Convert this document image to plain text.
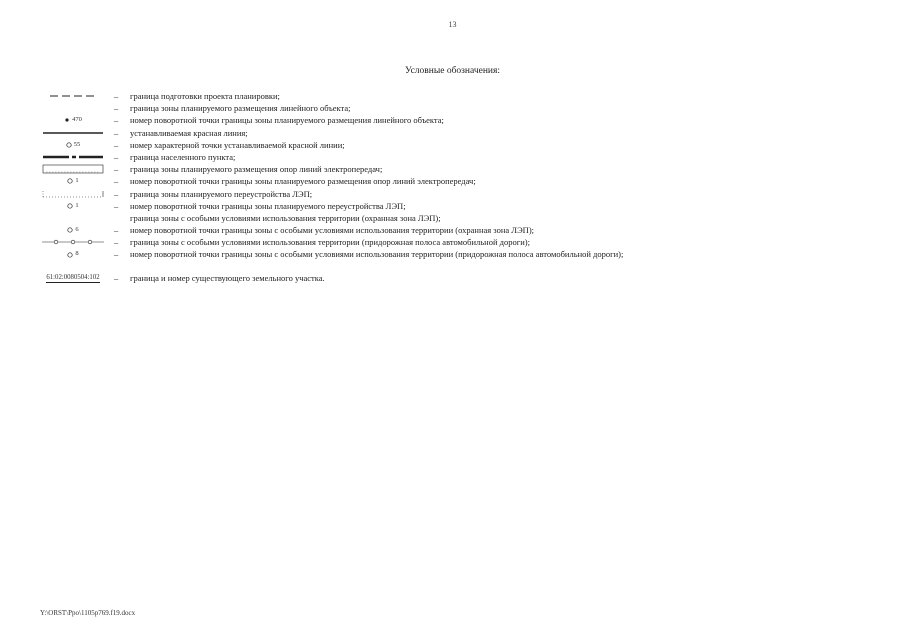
13
Условные обозначения:
–	граница подготовки проекта планировки;
–	граница зоны планируемого размещения линейного объекта;
470	–	номер поворотной точки границы зоны планируемого размещения линейного объекта;
–	устанавливаемая красная линия;
55	–	номер характерной точки устанавливаемой красной линии;
–	граница населенного пункта;
–	граница зоны планируемого размещения опор линий электропередач;
1	–	номер поворотной точки границы зоны планируемого размещения опор линий электропередач;
–	граница зоны планируемого переустройства ЛЭП;
1	–	номер поворотной точки границы зоны планируемого переустройства ЛЭП;
граница зоны с особыми условиями использования территории (охранная зона ЛЭП);
6	–	номер поворотной точки границы зоны с особыми условиями использования территории (охранная зона ЛЭП);
–	граница зоны с особыми условиями использования территории (придорожная полоса автомобильной дороги);
8	–	номер поворотной точки границы зоны с особыми условиями использования территории (придорожная полоса автомобильной дороги);
61:02:0080504:102 –	граница и номер существующего земельного участка.
Y:\ORST\Ppo\1105p769.f19.docx
